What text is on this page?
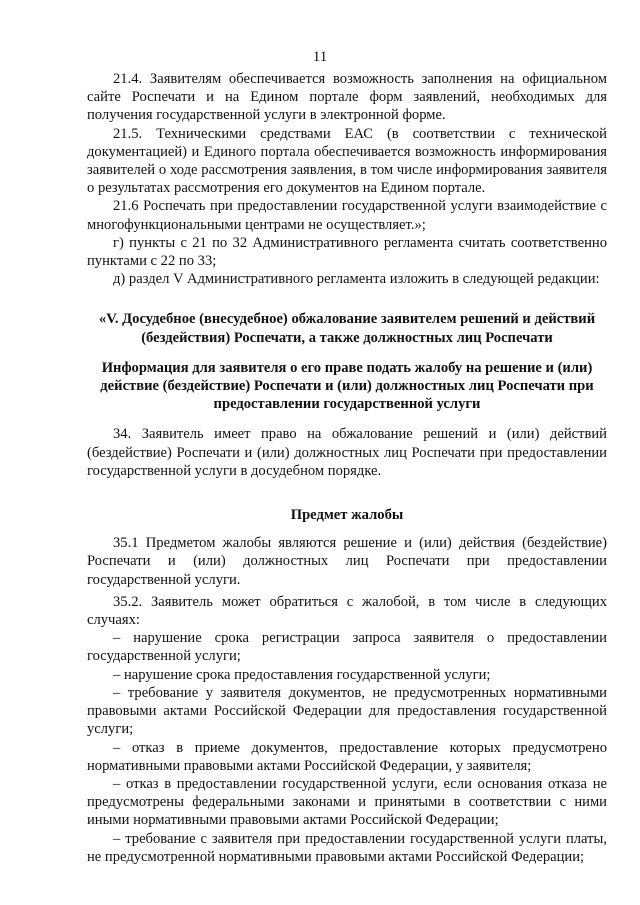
11

21.4. Заявителям обеспечивается возможность заполнения на официальном сайте Роспечати и на Едином портале форм заявлений, необходимых для получения государственной услуги в электронной форме.

21.5. Техническими средствами ЕАС (в соответствии с технической документацией) и Единого портала обеспечивается возможность информирования заявителей о ходе рассмотрения заявления, в том числе информирования заявителя о результатах рассмотрения его документов на Едином портале.

21.6 Роспечать при предоставлении государственной услуги взаимодействие с многофункциональными центрами не осуществляет.»;

г) пункты с 21 по 32 Административного регламента считать соответственно пунктами с 22 по 33;

д) раздел V Административного регламента изложить в следующей редакции:

«V. Досудебное (внесудебное) обжалование заявителем решений и действий (бездействия) Роспечати, а также должностных лиц Роспечати
Информация для заявителя о его праве подать жалобу на решение и (или) действие (бездействие) Роспечати и (или) должностных лиц Роспечати при предоставлении государственной услуги

34. Заявитель имеет право на обжалование решений и (или) действий (бездействие) Роспечати и (или) должностных лиц Роспечати при предоставлении государственной услуги в досудебном порядке.

Предмет жалобы

35.1 Предметом жалобы являются решение и (или) действия (бездействие) Роспечати и (или) должностных лиц Роспечати при предоставлении государственной услуги.

35.2. Заявитель может обратиться с жалобой, в том числе в следующих случаях:

– нарушение срока регистрации запроса заявителя о предоставлении государственной услуги;

– нарушение срока предоставления государственной услуги;

– требование у заявителя документов, не предусмотренных нормативными правовыми актами Российской Федерации для предоставления государственной услуги;

– отказ в приеме документов, предоставление которых предусмотрено нормативными правовыми актами Российской Федерации, у заявителя;

– отказ в предоставлении государственной услуги, если основания отказа не предусмотрены федеральными законами и принятыми в соответствии с ними иными нормативными правовыми актами Российской Федерации;

– требование с заявителя при предоставлении государственной услуги платы, не предусмотренной нормативными правовыми актами Российской Федерации;
